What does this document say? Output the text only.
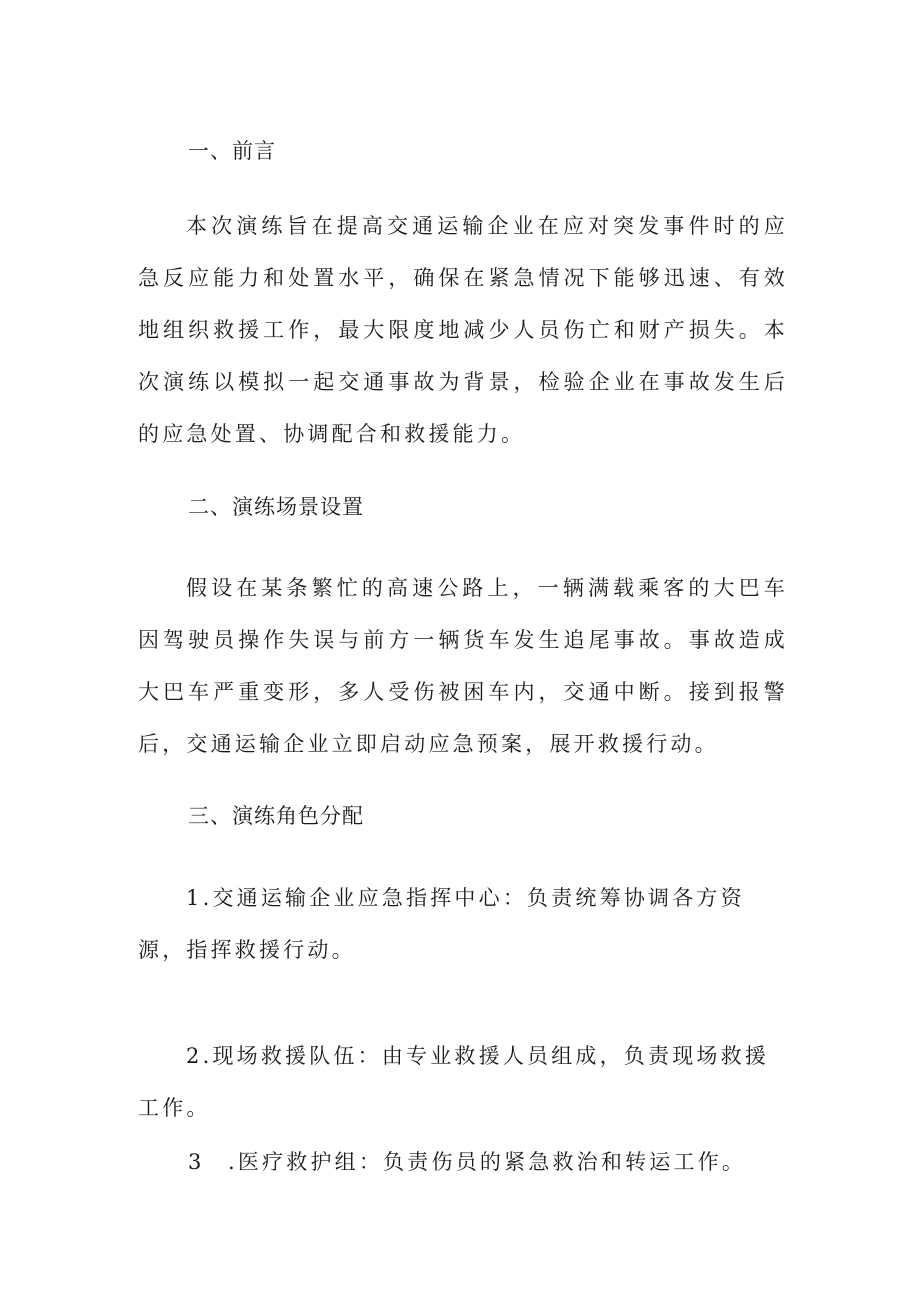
一、前言
本次演练旨在提高交通运输企业在应对突发事件时的应急反应能力和处置水平，确保在紧急情况下能够迅速、有效地组织救援工作，最大限度地减少人员伤亡和财产损失。本次演练以模拟一起交通事故为背景，检验企业在事故发生后的应急处置、协调配合和救援能力。
二、演练场景设置
假设在某条繁忙的高速公路上，一辆满载乘客的大巴车因驾驶员操作失误与前方一辆货车发生追尾事故。事故造成大巴车严重变形，多人受伤被困车内，交通中断。接到报警后，交通运输企业立即启动应急预案，展开救援行动。
三、演练角色分配
1.交通运输企业应急指挥中心：负责统筹协调各方资源，指挥救援行动。
2.现场救援队伍：由专业救援人员组成，负责现场救援工作。
3 .医疗救护组：负责伤员的紧急救治和转运工作。
